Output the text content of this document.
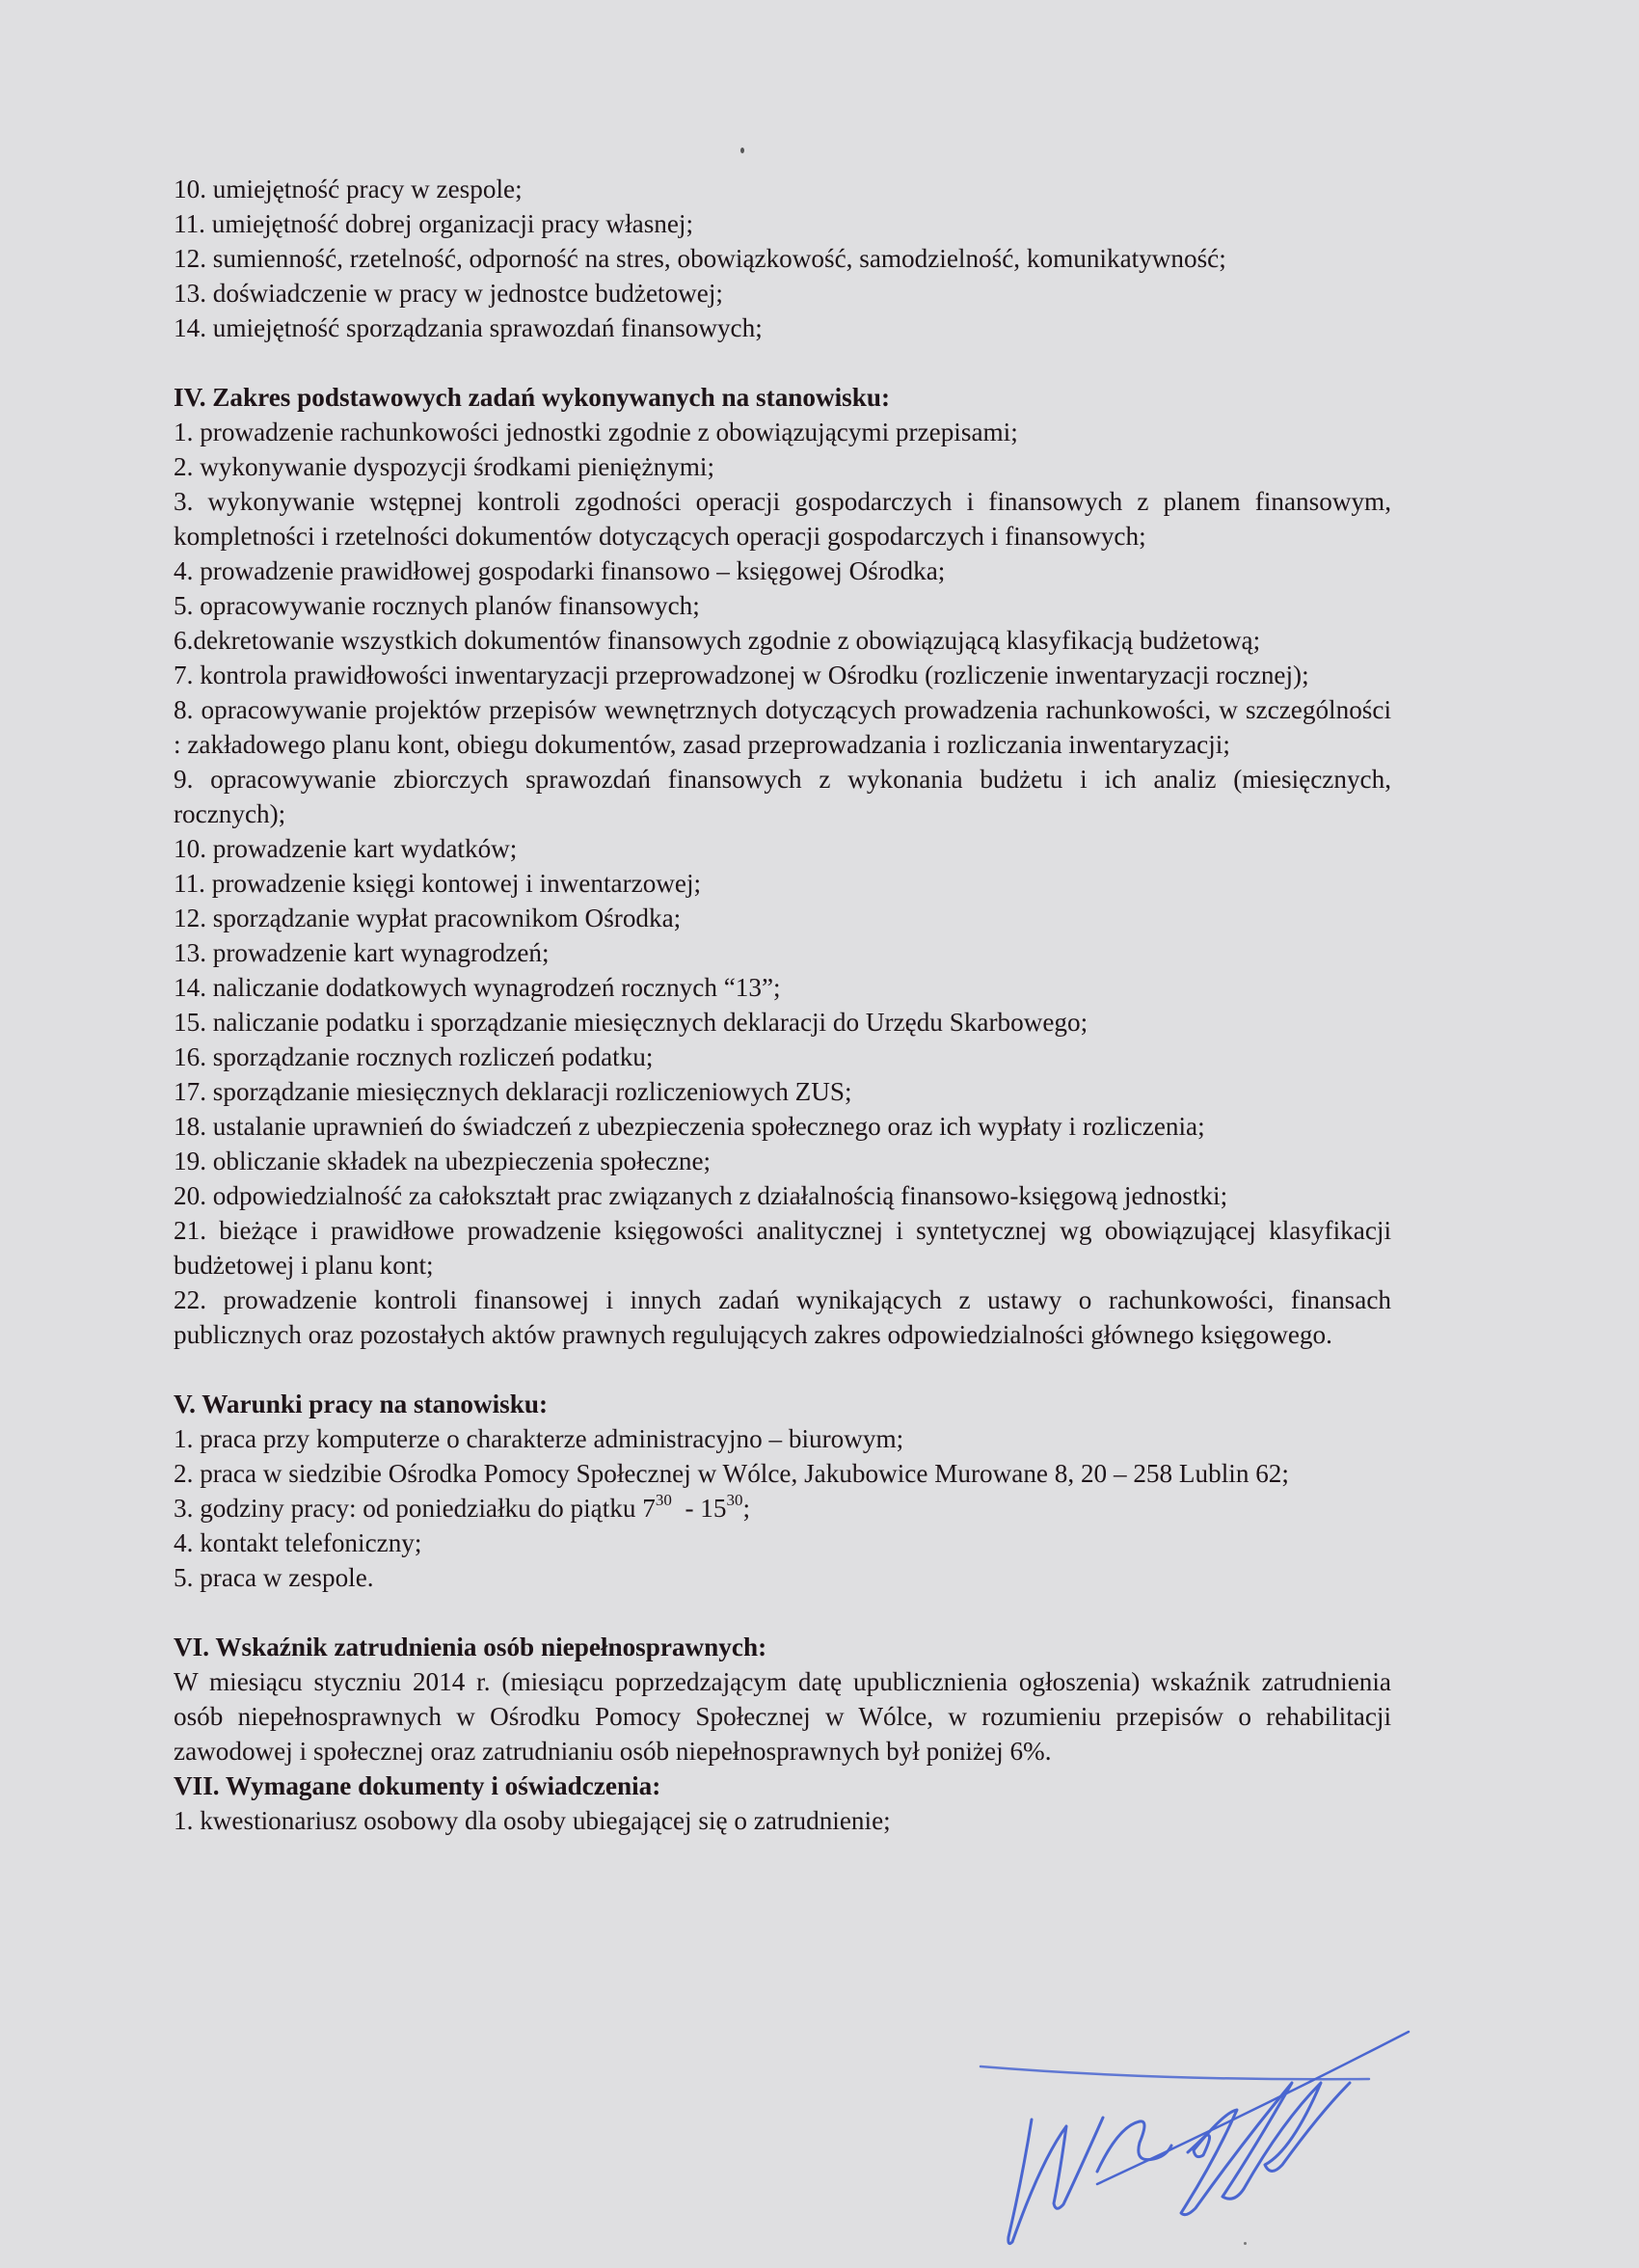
10. umiejętność pracy w zespole;
11. umiejętność dobrej organizacji pracy własnej;
12. sumienność, rzetelność, odporność na stres, obowiązkowość, samodzielność, komunikatywność;
13. doświadczenie w pracy w jednostce budżetowej;
14. umiejętność sporządzania sprawozdań finansowych;
IV. Zakres podstawowych zadań wykonywanych na stanowisku:
1. prowadzenie rachunkowości jednostki zgodnie z obowiązującymi przepisami;
2. wykonywanie dyspozycji środkami pieniężnymi;
3. wykonywanie wstępnej kontroli zgodności operacji gospodarczych i finansowych z planem finansowym, kompletności i rzetelności dokumentów dotyczących operacji gospodarczych i finansowych;
4. prowadzenie prawidłowej gospodarki finansowo – księgowej Ośrodka;
5. opracowywanie rocznych planów finansowych;
6.dekretowanie wszystkich dokumentów finansowych zgodnie z obowiązującą klasyfikacją budżetową;
7. kontrola prawidłowości inwentaryzacji przeprowadzonej w Ośrodku (rozliczenie inwentaryzacji rocznej);
8. opracowywanie projektów przepisów wewnętrznych dotyczących prowadzenia rachunkowości, w szczególności : zakładowego planu kont, obiegu dokumentów, zasad przeprowadzania i rozliczania inwentaryzacji;
9. opracowywanie zbiorczych sprawozdań finansowych z wykonania budżetu i ich analiz (miesięcznych, rocznych);
10. prowadzenie kart wydatków;
11. prowadzenie księgi kontowej i inwentarzowej;
12. sporządzanie wypłat pracownikom Ośrodka;
13. prowadzenie kart wynagrodzeń;
14. naliczanie dodatkowych wynagrodzeń rocznych “13”;
15. naliczanie podatku i sporządzanie miesięcznych deklaracji do Urzędu Skarbowego;
16. sporządzanie rocznych rozliczeń podatku;
17. sporządzanie miesięcznych deklaracji rozliczeniowych ZUS;
18. ustalanie uprawnień do świadczeń z ubezpieczenia społecznego oraz ich wypłaty i rozliczenia;
19. obliczanie składek na ubezpieczenia społeczne;
20. odpowiedzialność za całokształt prac związanych z działalnością finansowo-księgową jednostki;
21. bieżące i prawidłowe prowadzenie księgowości analitycznej i syntetycznej wg obowiązującej klasyfikacji budżetowej i planu kont;
22. prowadzenie kontroli finansowej i innych zadań wynikających z ustawy o rachunkowości, finansach publicznych oraz pozostałych aktów prawnych regulujących zakres odpowiedzialności głównego księgowego.
V. Warunki pracy na stanowisku:
1. praca przy komputerze o charakterze administracyjno – biurowym;
2. praca w siedzibie Ośrodka Pomocy Społecznej w Wólce, Jakubowice Murowane 8, 20 – 258 Lublin 62;
3. godziny pracy: od poniedziałku do piątku $7^{30} - 15^{30}$;
4. kontakt telefoniczny;
5. praca w zespole.
VI. Wskaźnik zatrudnienia osób niepełnosprawnych:
W miesiącu styczniu 2014 r. (miesiącu poprzedzającym datę upublicznienia ogłoszenia) wskaźnik zatrudnienia osób niepełnosprawnych w Ośrodku Pomocy Społecznej w Wólce, w rozumieniu przepisów o rehabilitacji zawodowej i społecznej oraz zatrudnianiu osób niepełnosprawnych był poniżej 6%.
VII. Wymagane dokumenty i oświadczenia:
1. kwestionariusz osobowy dla osoby ubiegającej się o zatrudnienie;
